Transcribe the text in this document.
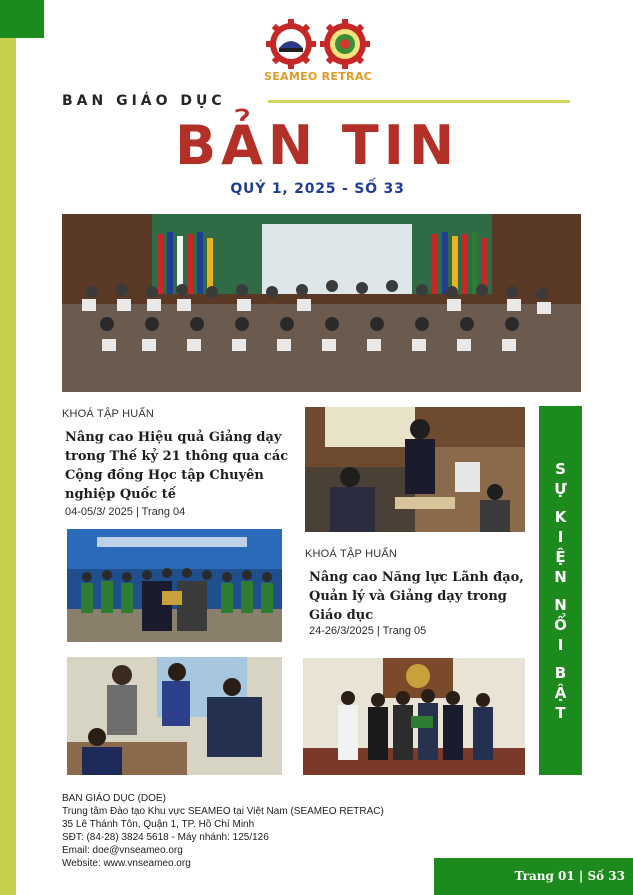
SEAMEO RETRAC
BAN GIÁO DỤC
BẢN TIN
QUÝ 1, 2025 - SỐ 33
KHOÁ TẬP HUẤN
Nâng cao Hiệu quả Giảng dạy
trong Thế kỷ 21 thông qua các
Cộng đồng Học tập Chuyên
nghiệp Quốc tế
04-05/3/ 2025 | Trang 04
KHOÁ TẬP HUẤN
Nâng cao Năng lực Lãnh đạo,
Quản lý và Giảng dạy trong
Giáo dục
24-26/3/2025 | Trang 05
S
Ự
K
I
Ệ
N
N
Ổ
I
B
Ậ
T
BAN GIÁO DỤC (DOE)
Trung tâm Đào tạo Khu vực SEAMEO tại Việt Nam (SEAMEO RETRAC)
35 Lê Thánh Tôn, Quận 1, TP. Hồ Chí Minh
SĐT: (84-28) 3824 5618 - Máy nhánh: 125/126
Email: doe@vnseameo.org
Website: www.vnseameo.org
Trang 01 | Số 33
